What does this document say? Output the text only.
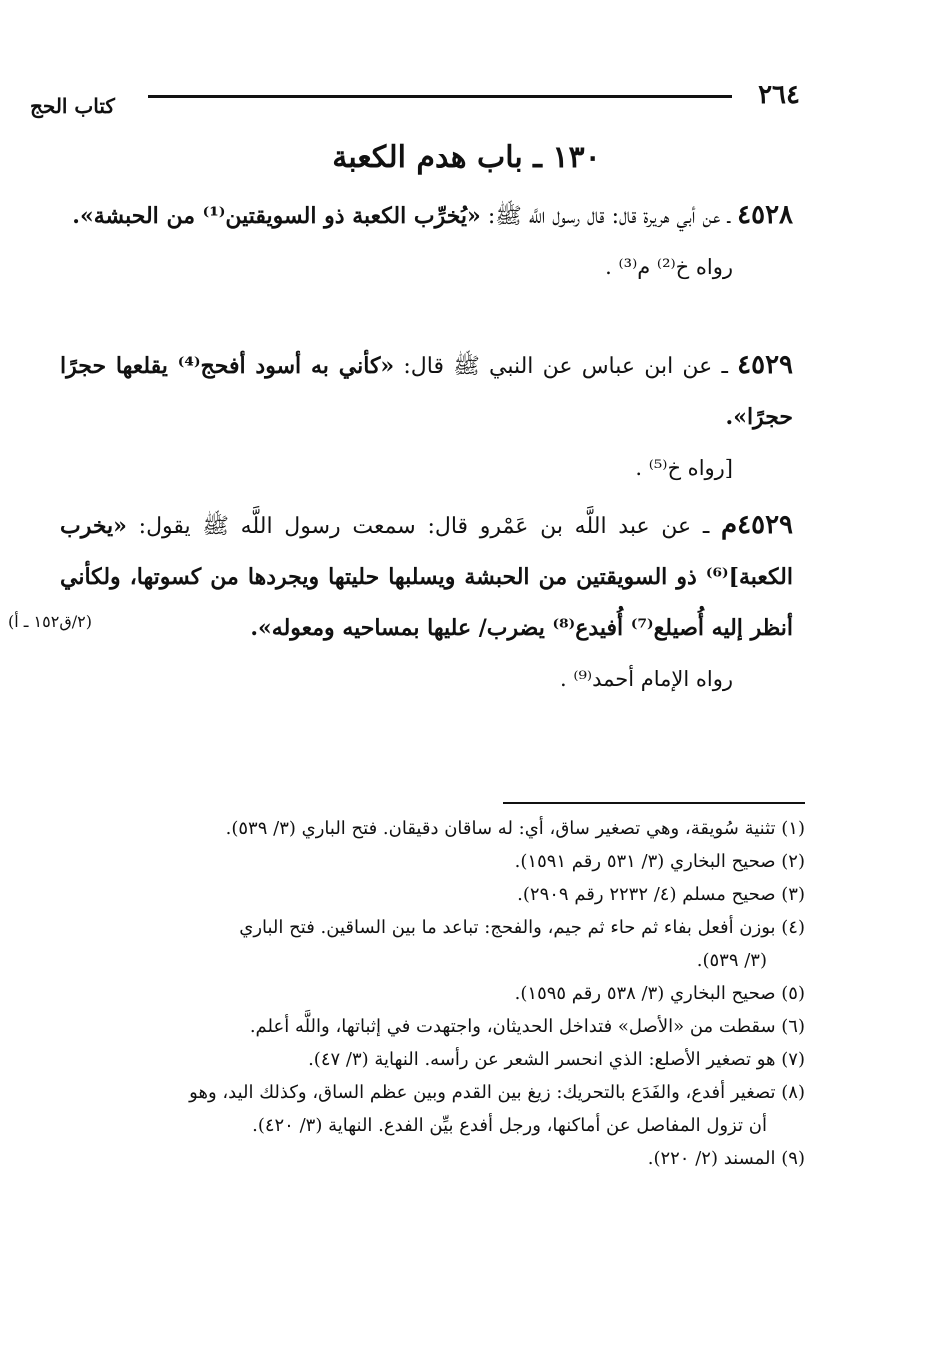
٢٦٤
كتاب الحج
١٣٠ ـ باب هدم الكعبة

٤٥٢٨ ـ عن أبي هريرة قال: قال رسول اللَّه ﷺ: «يُخرِّب الكعبة ذو السويقتين⁽¹⁾ من الحبشة».

رواه خ⁽²⁾ م⁽³⁾ .

٤٥٢٩ ـ عن ابن عباس عن النبي ﷺ قال: «كأني به أسود أفحج⁽⁴⁾ يقلعها حجرًا حجرًا».

[رواه خ⁽⁵⁾ .

٤٥٢٩م ـ عن عبد اللَّه بن عَمْرو قال: سمعت رسول اللَّه ﷺ يقول: «يخرب الكعبة]⁽⁶⁾ ذو السويقتين من الحبشة ويسلبها حليتها ويجردها من كسوتها، ولكأني أنظر إليه أُصيلع⁽⁷⁾ أُفيدع⁽⁸⁾ يضرب/ عليها بمساحيه ومعوله».

رواه الإمام أحمد⁽⁹⁾ .

(٢/ق١٥٢ ـ أ)
(١) تثنية سُويقة، وهي تصغير ساق، أي: له ساقان دقيقان. فتح الباري (٣/ ٥٣٩).
(٢) صحيح البخاري (٣/ ٥٣١ رقم ١٥٩١).
(٣) صحيح مسلم (٤/ ٢٢٣٢ رقم ٢٩٠٩).
(٤) بوزن أفعل بفاء ثم حاء ثم جيم، والفحج: تباعد ما بين الساقين. فتح الباري
(٣/ ٥٣٩).
(٥) صحيح البخاري (٣/ ٥٣٨ رقم ١٥٩٥).
(٦) سقطت من «الأصل» فتداخل الحديثان، واجتهدت في إثباتها، واللَّه أعلم.
(٧) هو تصغير الأصلع: الذي انحسر الشعر عن رأسه. النهاية (٣/ ٤٧).
(٨) تصغير أفدع، والفَدَع بالتحريك: زيغ بين القدم وبين عظم الساق، وكذلك اليد، وهو
أن تزول المفاصل عن أماكنها، ورجل أفدع بيِّن الفدع. النهاية (٣/ ٤٢٠).
(٩) المسند (٢/ ٢٢٠).
